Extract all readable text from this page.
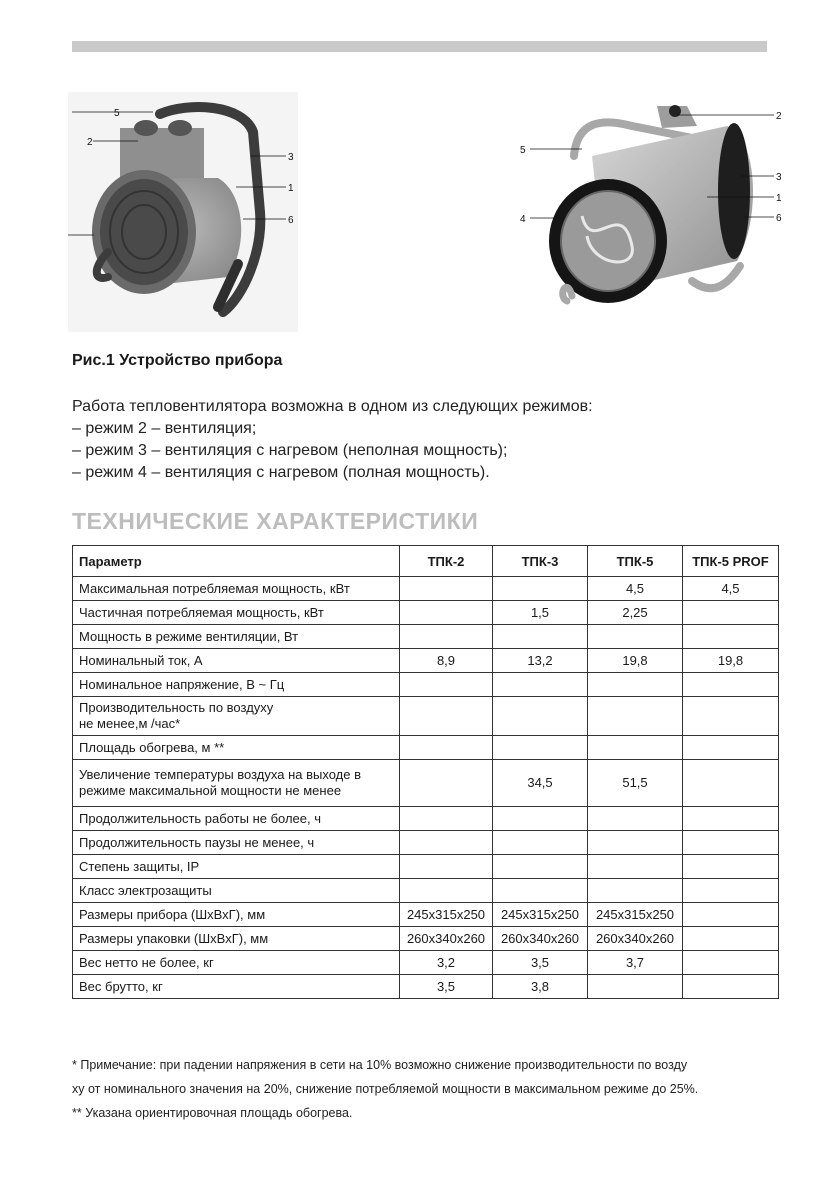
5
2
3
1
6
2
5
3
1
6
4
Рис.1 Устройство прибора
Работа тепловентилятора возможна в одном из следующих режимов:
– режим 2 – вентиляция;
– режим 3 – вентиляция с нагревом (неполная мощность);
– режим 4 – вентиляция с нагревом (полная мощность).
ТЕХНИЧЕСКИЕ ХАРАКТЕРИСТИКИ
Параметр	ТПК-2	ТПК-3	ТПК-5	ТПК-5 PROF
Максимальная потребляемая мощность, кВт			4,5	4,5
Частичная потребляемая мощность, кВт		1,5	2,25	
Мощность в режиме вентиляции, Вт				
Номинальный ток, А	8,9	13,2	19,8	19,8
Номинальное напряжение, В ~ Гц				

Производительность по воздуху
не менее,м /час*				

Площадь обогрева, м **				

Увеличение температуры воздуха на выходе в
режиме максимальной мощности не менее		34,5	51,5	
Продолжительность работы не более, ч				
Продолжительность паузы не менее, ч				
Степень защиты, IP				
Класс электрозащиты				
Размеры прибора (ШхВхГ), мм	245x315x250	245x315x250	245x315x250	
Размеры упаковки (ШхВхГ), мм	260x340x260	260x340x260	260x340x260	
Вес нетто не более, кг	3,2	3,5	3,7	
Вес брутто, кг	3,5	3,8		
* Примечание: при падении напряжения в сети на 10% возможно снижение производительности по возду
ху от номинального значения на 20%, снижение потребляемой мощности в максимальном режиме до 25%.
** Указана ориентировочная площадь обогрева.
